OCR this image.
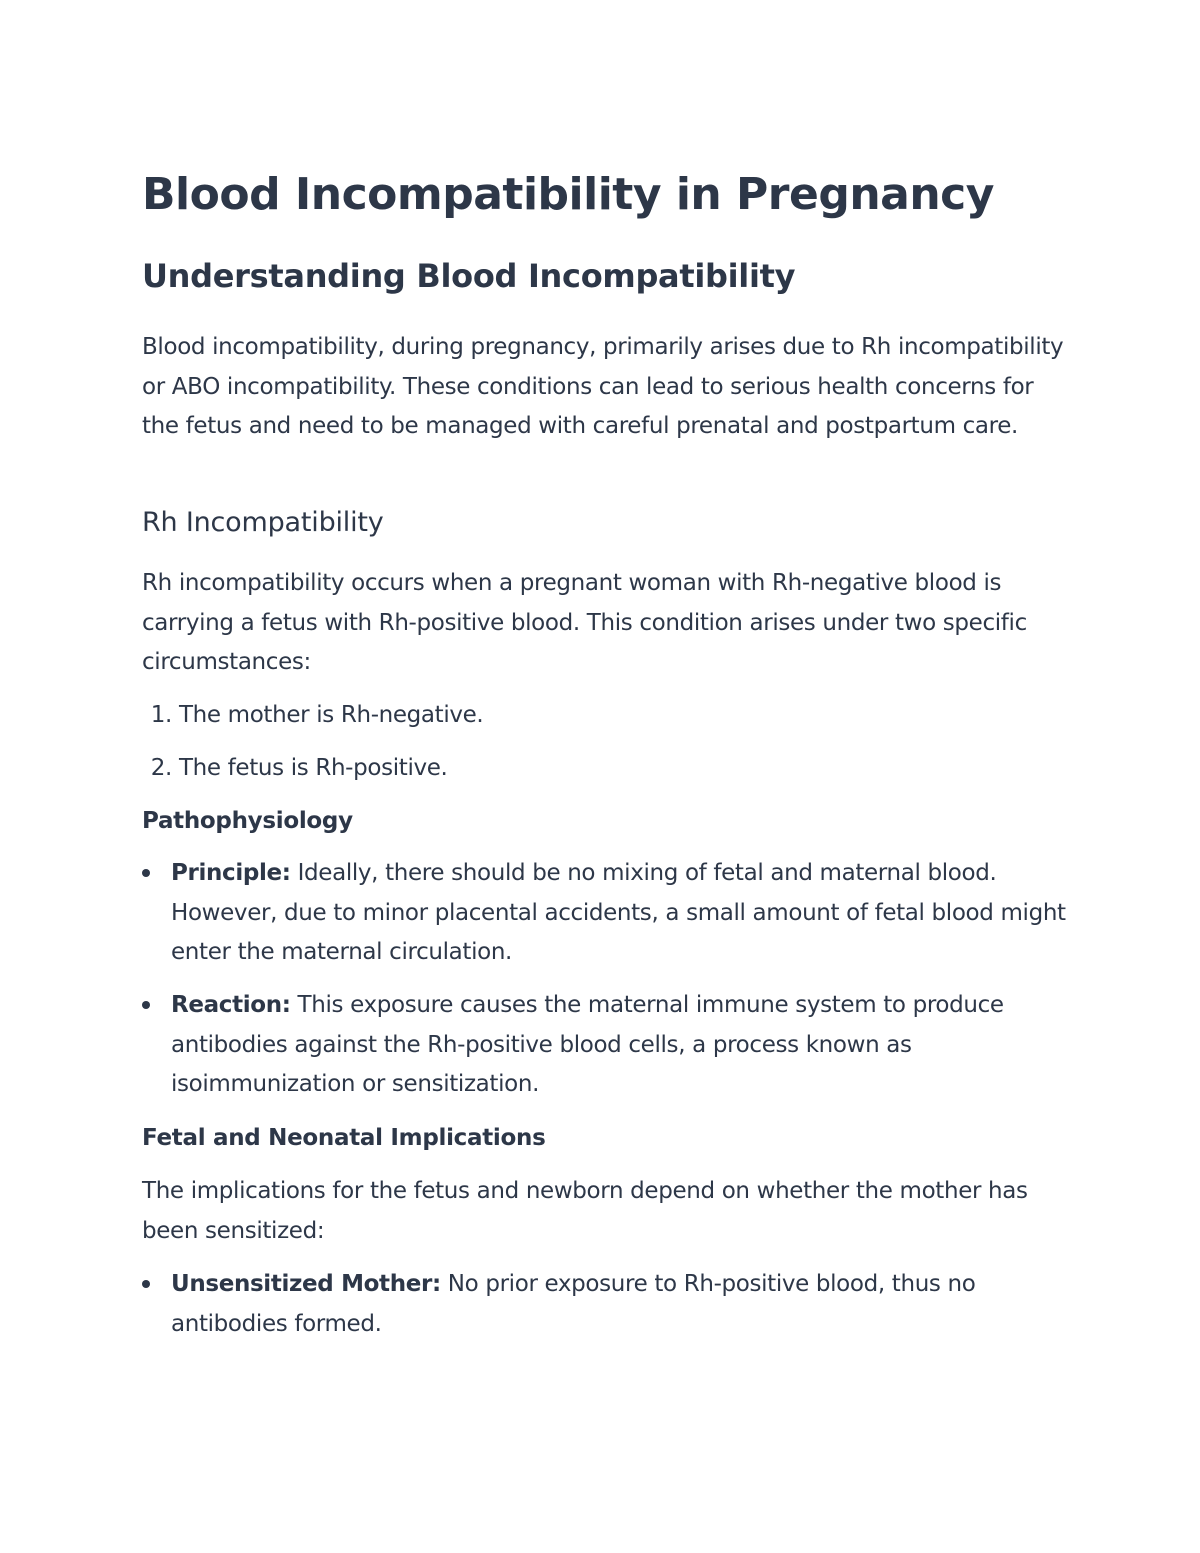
Blood Incompatibility in Pregnancy
Understanding Blood Incompatibility

Blood incompatibility, during pregnancy, primarily arises due to Rh incompatibility or ABO incompatibility. These conditions can lead to serious health concerns for the fetus and need to be managed with careful prenatal and postpartum care.

Rh Incompatibility

Rh incompatibility occurs when a pregnant woman with Rh-negative blood is carrying a fetus with Rh-positive blood. This condition arises under two specific circumstances:

1. The mother is Rh-negative.
2. The fetus is Rh-positive.
Pathophysiology
Principle: Ideally, there should be no mixing of fetal and maternal blood. However, due to minor placental accidents, a small amount of fetal blood might enter the maternal circulation.
Reaction: This exposure causes the maternal immune system to produce antibodies against the Rh-positive blood cells, a process known as isoimmunization or sensitization.
Fetal and Neonatal Implications

The implications for the fetus and newborn depend on whether the mother has been sensitized:

Unsensitized Mother: No prior exposure to Rh-positive blood, thus no antibodies formed.
